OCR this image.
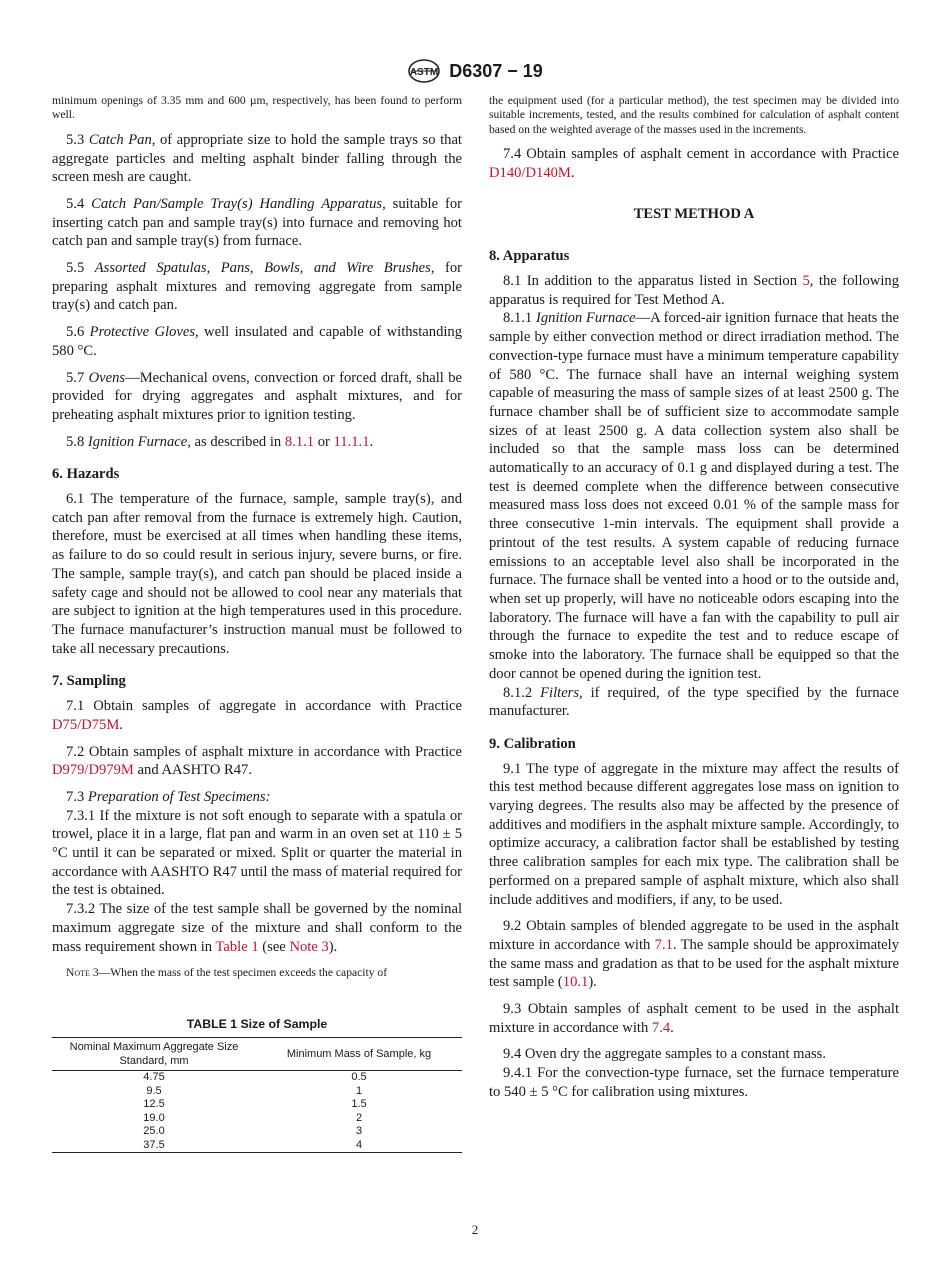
ASTM D6307 − 19

minimum openings of 3.35 mm and 600 µm, respectively, has been found to perform well.

5.3 Catch Pan, of appropriate size to hold the sample trays so that aggregate particles and melting asphalt binder falling through the screen mesh are caught.

5.4 Catch Pan/Sample Tray(s) Handling Apparatus, suitable for inserting catch pan and sample tray(s) into furnace and removing hot catch pan and sample tray(s) from furnace.

5.5 Assorted Spatulas, Pans, Bowls, and Wire Brushes, for preparing asphalt mixtures and removing aggregate from sample tray(s) and catch pan.

5.6 Protective Gloves, well insulated and capable of withstanding 580 °C.

5.7 Ovens—Mechanical ovens, convection or forced draft, shall be provided for drying aggregates and asphalt mixtures, and for preheating asphalt mixtures prior to ignition testing.

5.8 Ignition Furnace, as described in 8.1.1 or 11.1.1.

6. Hazards

6.1 The temperature of the furnace, sample, sample tray(s), and catch pan after removal from the furnace is extremely high. Caution, therefore, must be exercised at all times when handling these items, as failure to do so could result in serious injury, severe burns, or fire. The sample, sample tray(s), and catch pan should be placed inside a safety cage and should not be allowed to cool near any materials that are subject to ignition at the high temperatures used in this procedure. The furnace manufacturer’s instruction manual must be followed to take all necessary precautions.

7. Sampling

7.1 Obtain samples of aggregate in accordance with Practice D75/D75M.

7.2 Obtain samples of asphalt mixture in accordance with Practice D979/D979M and AASHTO R47.

7.3 Preparation of Test Specimens:

7.3.1 If the mixture is not soft enough to separate with a spatula or trowel, place it in a large, flat pan and warm in an oven set at 110 ± 5 °C until it can be separated or mixed. Split or quarter the material in accordance with AASHTO R47 until the mass of material required for the test is obtained.

7.3.2 The size of the test sample shall be governed by the nominal maximum aggregate size of the mixture and shall conform to the mass requirement shown in Table 1 (see Note 3).

Note 3—When the mass of the test specimen exceeds the capacity of

TABLE 1 Size of Sample
Nominal Maximum Aggregate Size Standard, mm	Minimum Mass of Sample, kg
4.75	0.5
9.5	1
12.5	1.5
19.0	2
25.0	3
37.5	4

the equipment used (for a particular method), the test specimen may be divided into suitable increments, tested, and the results combined for calculation of asphalt content based on the weighted average of the masses used in the increments.

7.4 Obtain samples of asphalt cement in accordance with Practice D140/D140M.

TEST METHOD A

8. Apparatus

8.1 In addition to the apparatus listed in Section 5, the following apparatus is required for Test Method A.

8.1.1 Ignition Furnace—A forced-air ignition furnace that heats the sample by either convection method or direct irradiation method. The convection-type furnace must have a minimum temperature capability of 580 °C. The furnace shall have an internal weighing system capable of measuring the mass of sample sizes of at least 2500 g. The furnace chamber shall be of sufficient size to accommodate sample sizes of at least 2500 g. A data collection system also shall be included so that the sample mass loss can be determined automatically to an accuracy of 0.1 g and displayed during a test. The test is deemed complete when the difference between consecutive measured mass loss does not exceed 0.01 % of the sample mass for three consecutive 1-min intervals. The equipment shall provide a printout of the test results. A system capable of reducing furnace emissions to an acceptable level also shall be incorporated in the furnace. The furnace shall be vented into a hood or to the outside and, when set up properly, will have no noticeable odors escaping into the laboratory. The furnace will have a fan with the capability to pull air through the furnace to expedite the test and to reduce escape of smoke into the laboratory. The furnace shall be equipped so that the door cannot be opened during the ignition test.

8.1.2 Filters, if required, of the type specified by the furnace manufacturer.

9. Calibration

9.1 The type of aggregate in the mixture may affect the results of this test method because different aggregates lose mass on ignition to varying degrees. The results also may be affected by the presence of additives and modifiers in the asphalt mixture sample. Accordingly, to optimize accuracy, a calibration factor shall be established by testing three calibration samples for each mix type. The calibration shall be performed on a prepared sample of asphalt mixture, which also shall include additives and modifiers, if any, to be used.

9.2 Obtain samples of blended aggregate to be used in the asphalt mixture in accordance with 7.1. The sample should be approximately the same mass and gradation as that to be used for the asphalt mixture test sample (10.1).

9.3 Obtain samples of asphalt cement to be used in the asphalt mixture in accordance with 7.4.

9.4 Oven dry the aggregate samples to a constant mass.

9.4.1 For the convection-type furnace, set the furnace temperature to 540 ± 5 °C for calibration using mixtures.

2
